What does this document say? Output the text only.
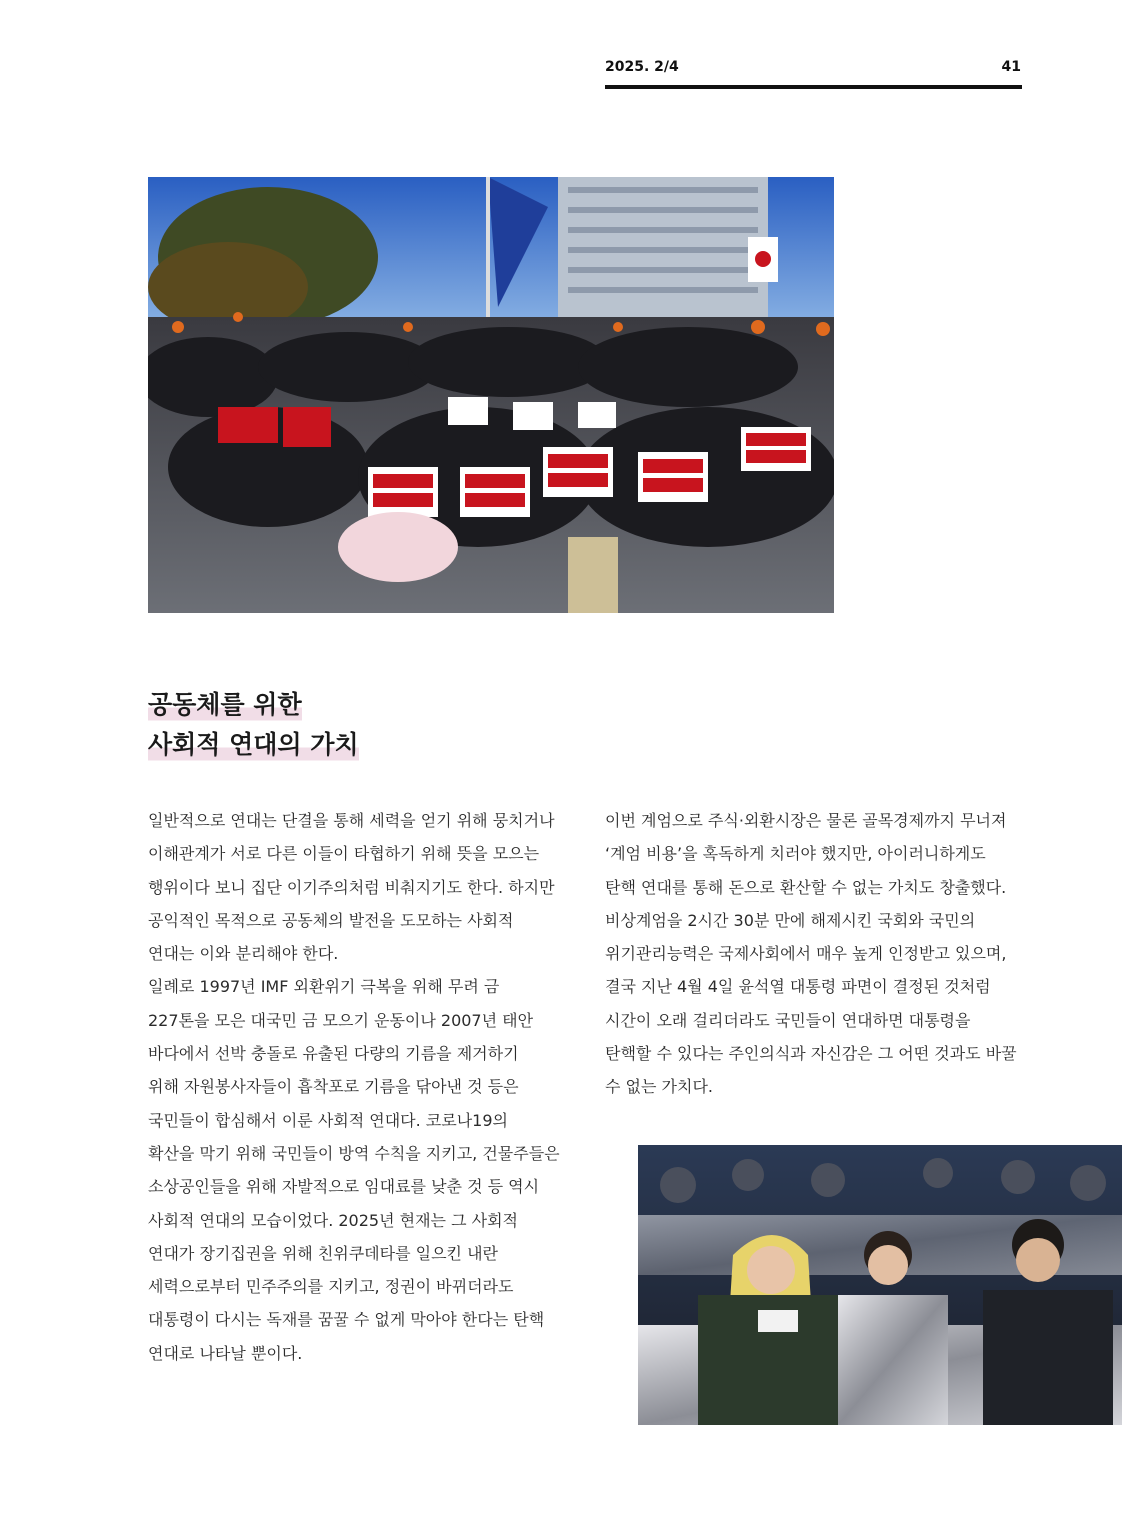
2025. 2/4	41
공동체를 위한
사회적 연대의 가치

일반적으로 연대는 단결을 통해 세력을 얻기 위해 뭉치거나

이해관계가 서로 다른 이들이 타협하기 위해 뜻을 모으는

행위이다 보니 집단 이기주의처럼 비춰지기도 한다. 하지만

공익적인 목적으로 공동체의 발전을 도모하는 사회적

연대는 이와 분리해야 한다.

일례로 1997년 IMF 외환위기 극복을 위해 무려 금

227톤을 모은 대국민 금 모으기 운동이나 2007년 태안

바다에서 선박 충돌로 유출된 다량의 기름을 제거하기

위해 자원봉사자들이 흡착포로 기름을 닦아낸 것 등은

국민들이 합심해서 이룬 사회적 연대다. 코로나19의

확산을 막기 위해 국민들이 방역 수칙을 지키고, 건물주들은

소상공인들을 위해 자발적으로 임대료를 낮춘 것 등 역시

사회적 연대의 모습이었다. 2025년 현재는 그 사회적

연대가 장기집권을 위해 친위쿠데타를 일으킨 내란

세력으로부터 민주주의를 지키고, 정권이 바뀌더라도

대통령이 다시는 독재를 꿈꿀 수 없게 막아야 한다는 탄핵

연대로 나타날 뿐이다.

이번 계엄으로 주식·외환시장은 물론 골목경제까지 무너져

‘계엄 비용’을 혹독하게 치러야 했지만, 아이러니하게도

탄핵 연대를 통해 돈으로 환산할 수 없는 가치도 창출했다.

비상계엄을 2시간 30분 만에 해제시킨 국회와 국민의

위기관리능력은 국제사회에서 매우 높게 인정받고 있으며,

결국 지난 4월 4일 윤석열 대통령 파면이 결정된 것처럼

시간이 오래 걸리더라도 국민들이 연대하면 대통령을

탄핵할 수 있다는 주인의식과 자신감은 그 어떤 것과도 바꿀

수 없는 가치다.
